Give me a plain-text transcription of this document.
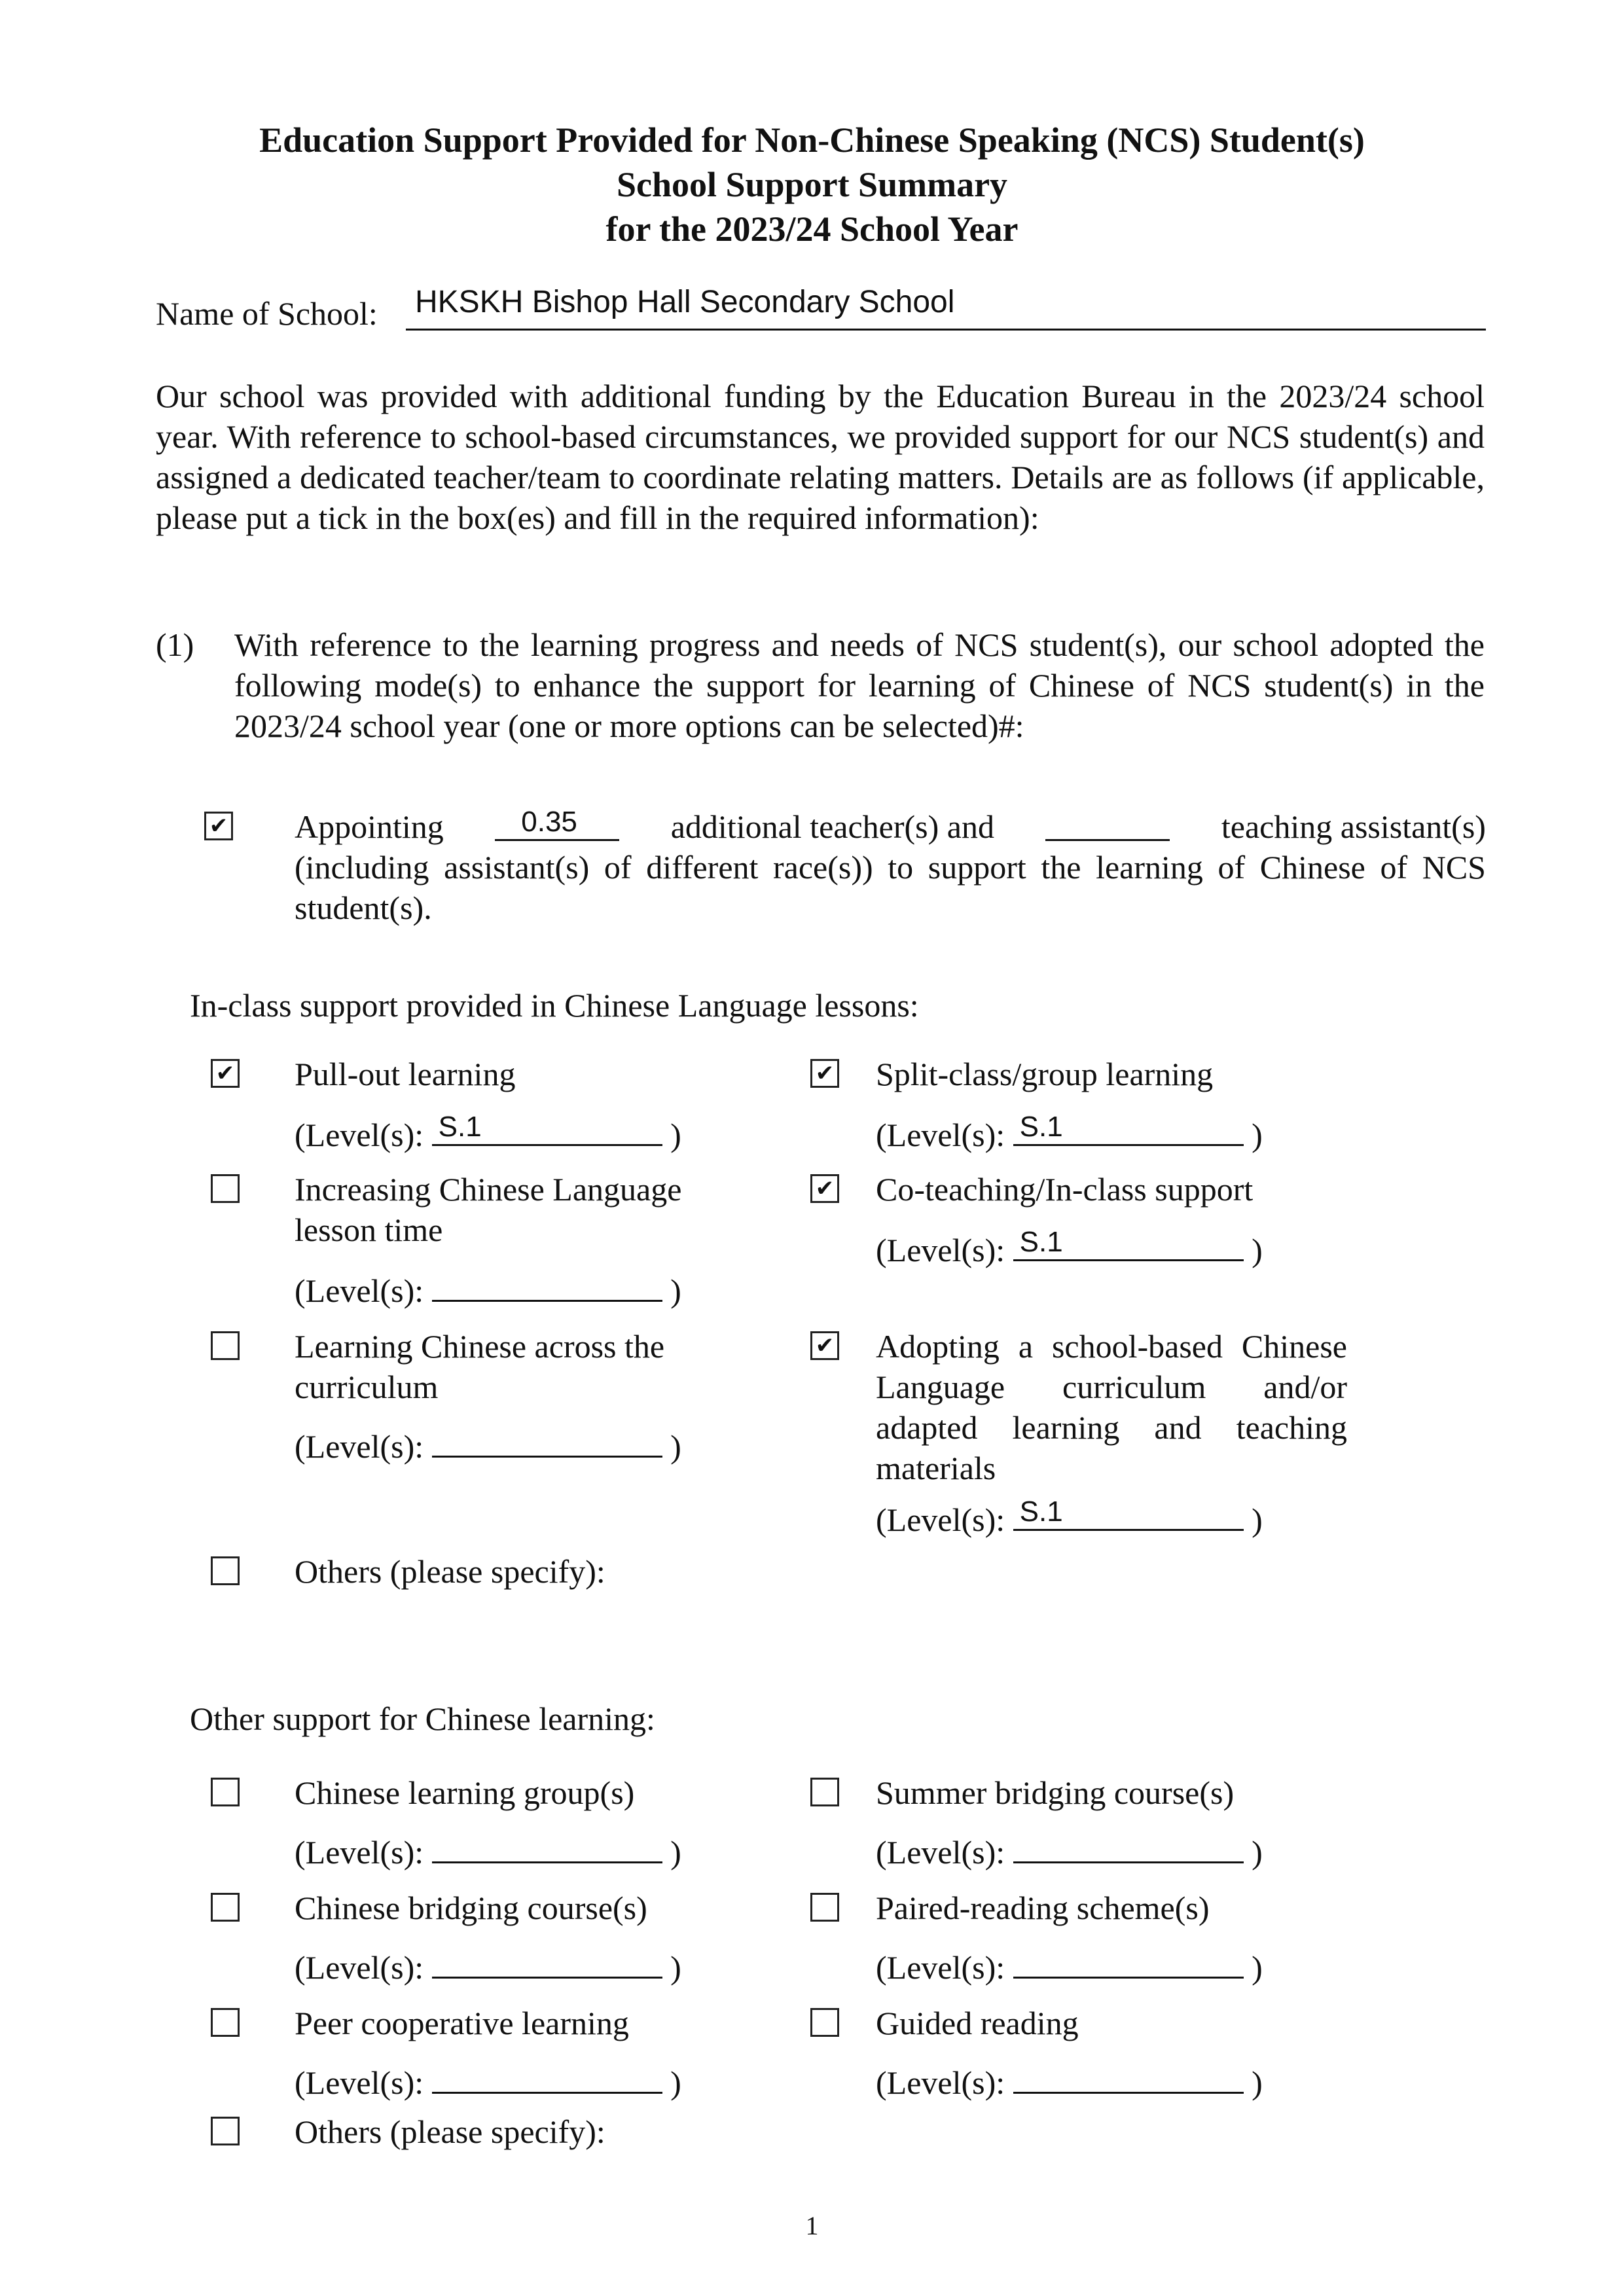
Education Support Provided for Non-Chinese Speaking (NCS) Student(s)
School Support Summary
for the 2023/24 School Year
Name of School: HKSKH Bishop Hall Secondary School
Our school was provided with additional funding by the Education Bureau in the 2023/24 school year. With reference to school-based circumstances, we provided support for our NCS student(s) and assigned a dedicated teacher/team to coordinate relating matters. Details are as follows (if applicable, please put a tick in the box(es) and fill in the required information):
(1) With reference to the learning progress and needs of NCS student(s), our school adopted the following mode(s) to enhance the support for learning of Chinese of NCS student(s) in the 2023/24 school year (one or more options can be selected)#:
✔ Appointing	0.35	additional teacher(s) and	teaching assistant(s)
(including assistant(s) of different race(s)) to support the learning of Chinese of NCS student(s).
In-class support provided in Chinese Language lessons:
✔ Pull-out learning
(Level(s): S.1	)
✔ Split-class/group learning
(Level(s): S.1	)
Increasing Chinese Language lesson time
(Level(s):	)
✔ Co-teaching/In-class support
(Level(s): S.1	)
Learning Chinese across the curriculum
(Level(s):	)
✔ Adopting a school-based Chinese Language curriculum and/or adapted learning and teaching materials
(Level(s): S.1	)
Others (please specify):
Other support for Chinese learning:
Chinese learning group(s)
(Level(s):	)
Summer bridging course(s)
(Level(s):	)
Chinese bridging course(s)
(Level(s):	)
Paired-reading scheme(s)
(Level(s):	)
Peer cooperative learning
(Level(s):	)
Guided reading
(Level(s):	)
Others (please specify):
1
